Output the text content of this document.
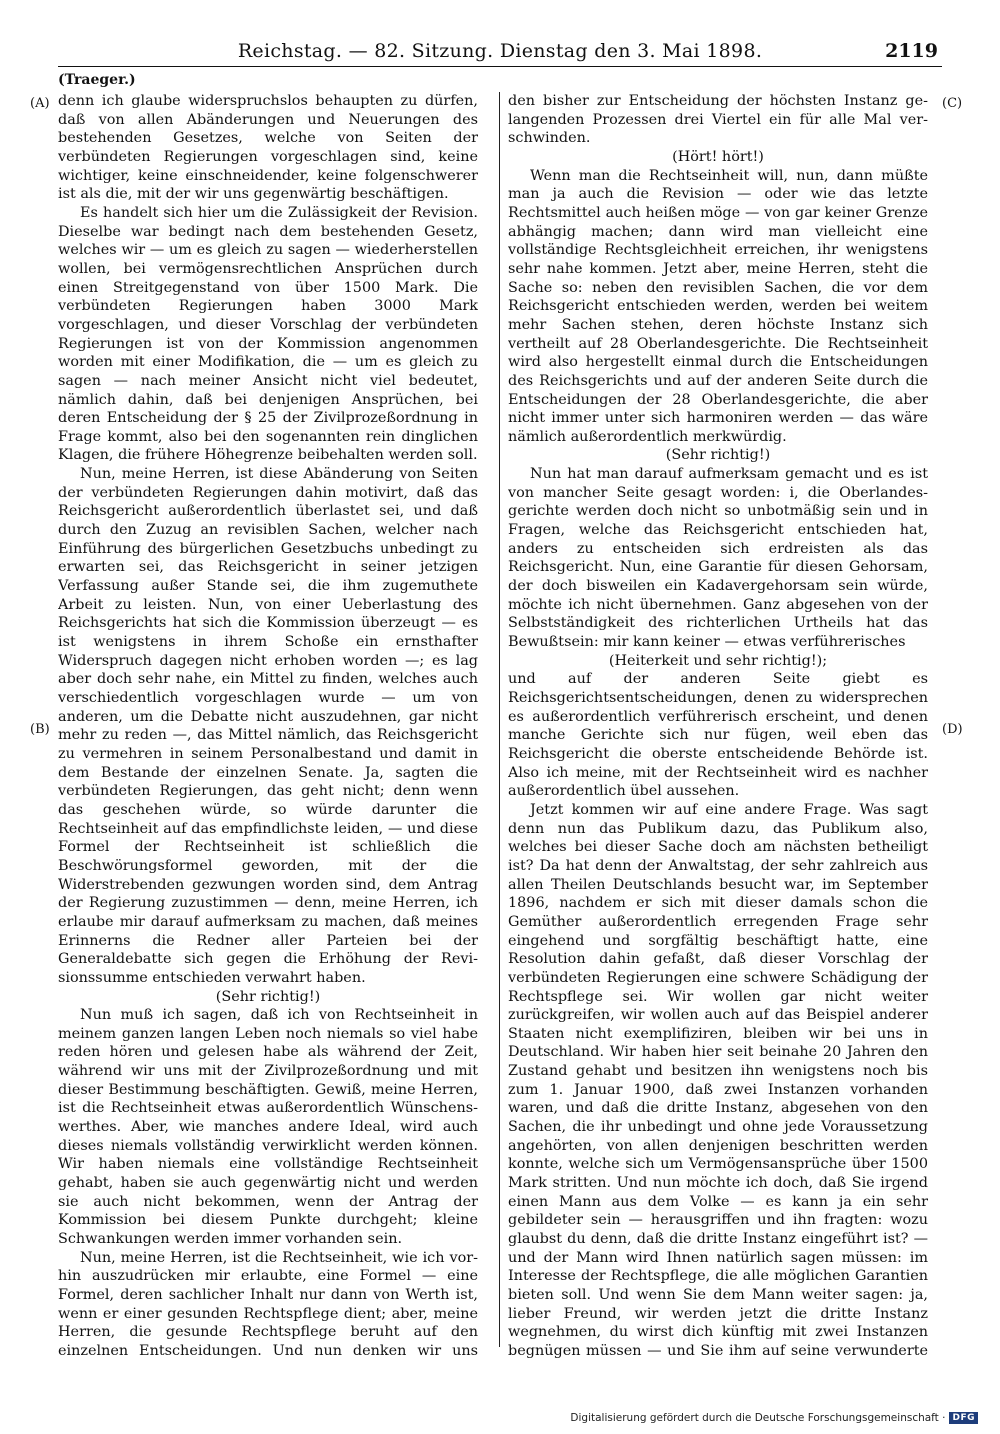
Reichstag. — 82. Sitzung. Dienstag den 3. Mai 1898.	2119
(Traeger.)
(A)
(B)
(C)
(D)

denn ich glaube widerspruchslos behaupten zu dürfen, daß von allen Abänderungen und Neuerungen des bestehenden Gesetzes, welche von Seiten der verbündeten Regierungen vorgeschlagen sind, keine wichtiger, keine einschneidender, keine folgenschwerer ist als die, mit der wir uns gegenwärtig beschäftigen.

Es handelt sich hier um die Zulässigkeit der Revision. Dieselbe war bedingt nach dem bestehenden Gesetz, welches wir — um es gleich zu sagen — wiederherstellen wollen, bei vermögensrechtlichen Ansprüchen durch einen Streitgegenstand von über 1500 Mark. Die verbündeten Regierungen haben 3000 Mark vorgeschlagen, und dieser Vorschlag der verbündeten Regierungen ist von der Kommission angenommen worden mit einer Modifikation, die — um es gleich zu sagen — nach meiner Ansicht nicht viel bedeutet, nämlich dahin, daß bei denjenigen Ansprüchen, bei deren Entscheidung der § 25 der Zivilprozeßordnung in Frage kommt, also bei den sogenannten rein dinglichen Klagen, die frühere Höhegrenze beibehalten werden soll.

Nun, meine Herren, ist diese Abänderung von Seiten der verbündeten Regierungen dahin motivirt, daß das Reichsgericht außerordentlich überlastet sei, und daß durch den Zuzug an revisiblen Sachen, welcher nach Einführung des bürgerlichen Gesetzbuchs unbedingt zu erwarten sei, das Reichsgericht in seiner jetzigen Verfassung außer Stande sei, die ihm zugemuthete Arbeit zu leisten. Nun, von einer Ueberlastung des Reichsgerichts hat sich die Kommission überzeugt — es ist wenigstens in ihrem Schoße ein ernsthafter Widerspruch dagegen nicht erhoben worden —; es lag aber doch sehr nahe, ein Mittel zu finden, welches auch verschiedentlich vorgeschlagen wurde — um von anderen, um die Debatte nicht auszudehnen, gar nicht mehr zu reden —, das Mittel nämlich, das Reichsgericht zu vermehren in seinem Personalbestand und damit in dem Bestande der einzelnen Senate. Ja, sagten die verbündeten Regierungen, das geht nicht; denn wenn das geschehen würde, so würde darunter die Rechtseinheit auf das empfindlichste leiden, — und diese Formel der Rechtseinheit ist schließlich die Beschwörungsformel geworden, mit der die Widerstrebenden gezwungen worden sind, dem Antrag der Regierung zuzustimmen — denn, meine Herren, ich erlaube mir darauf aufmerksam zu machen, daß meines Erinnerns die Redner aller Parteien bei der Generaldebatte sich gegen die Erhöhung der Revisionssumme entschieden verwahrt haben.

(Sehr richtig!)

Nun muß ich sagen, daß ich von Rechtseinheit in meinem ganzen langen Leben noch niemals so viel habe reden hören und gelesen habe als während der Zeit, während wir uns mit der Zivilprozeßordnung und mit dieser Bestimmung beschäftigten. Gewiß, meine Herren, ist die Rechtseinheit etwas außerordentlich Wünschenswerthes. Aber, wie manches andere Ideal, wird auch dieses niemals vollständig verwirklicht werden können. Wir haben niemals eine vollständige Rechtseinheit gehabt, haben sie auch gegenwärtig nicht und werden sie auch nicht bekommen, wenn der Antrag der Kommission bei diesem Punkte durchgeht; kleine Schwankungen werden immer vorhanden sein.

Nun, meine Herren, ist die Rechtseinheit, wie ich vorhin auszudrücken mir erlaubte, eine Formel — eine Formel, deren sachlicher Inhalt nur dann von Werth ist, wenn er einer gesunden Rechtspflege dient; aber, meine Herren, die gesunde Rechtspflege beruht auf den einzelnen Entscheidungen. Und nun denken wir uns

den bisher zur Entscheidung der höchsten Instanz gelangenden Prozessen drei Viertel ein für alle Mal verschwinden.

(Hört! hört!)

Wenn man die Rechtseinheit will, nun, dann müßte man ja auch die Revision — oder wie das letzte Rechtsmittel auch heißen möge — von gar keiner Grenze abhängig machen; dann wird man vielleicht eine vollständige Rechtsgleichheit erreichen, ihr wenigstens sehr nahe kommen. Jetzt aber, meine Herren, steht die Sache so: neben den revisiblen Sachen, die vor dem Reichsgericht entschieden werden, werden bei weitem mehr Sachen stehen, deren höchste Instanz sich vertheilt auf 28 Oberlandesgerichte. Die Rechtseinheit wird also hergestellt einmal durch die Entscheidungen des Reichsgerichts und auf der anderen Seite durch die Entscheidungen der 28 Oberlandesgerichte, die aber nicht immer unter sich harmoniren werden — das wäre nämlich außerordentlich merkwürdig.

(Sehr richtig!)

Nun hat man darauf aufmerksam gemacht und es ist von mancher Seite gesagt worden: i, die Oberlandesgerichte werden doch nicht so unbotmäßig sein und in Fragen, welche das Reichsgericht entschieden hat, anders zu entscheiden sich erdreisten als das Reichsgericht. Nun, eine Garantie für diesen Gehorsam, der doch bisweilen ein Kadavergehorsam sein würde, möchte ich nicht übernehmen. Ganz abgesehen von der Selbstständigkeit des richterlichen Urtheils hat das Bewußtsein: mir kann keiner — etwas verführerisches

(Heiterkeit und sehr richtig!);

und auf der anderen Seite giebt es Reichsgerichtsentscheidungen, denen zu widersprechen es außerordentlich verführerisch erscheint, und denen manche Gerichte sich nur fügen, weil eben das Reichsgericht die oberste entscheidende Behörde ist. Also ich meine, mit der Rechtseinheit wird es nachher außerordentlich übel aussehen.

Jetzt kommen wir auf eine andere Frage. Was sagt denn nun das Publikum dazu, das Publikum also, welches bei dieser Sache doch am nächsten betheiligt ist? Da hat denn der Anwaltstag, der sehr zahlreich aus allen Theilen Deutschlands besucht war, im September 1896, nachdem er sich mit dieser damals schon die Gemüther außerordentlich erregenden Frage sehr eingehend und sorgfältig beschäftigt hatte, eine Resolution dahin gefaßt, daß dieser Vorschlag der verbündeten Regierungen eine schwere Schädigung der Rechtspflege sei. Wir wollen gar nicht weiter zurückgreifen, wir wollen auch auf das Beispiel anderer Staaten nicht exemplifiziren, bleiben wir bei uns in Deutschland. Wir haben hier seit beinahe 20 Jahren den Zustand gehabt und besitzen ihn wenigstens noch bis zum 1. Januar 1900, daß zwei Instanzen vorhanden waren, und daß die dritte Instanz, abgesehen von den Sachen, die ihr unbedingt und ohne jede Voraussetzung angehörten, von allen denjenigen beschritten werden konnte, welche sich um Vermögensansprüche über 1500 Mark stritten. Und nun möchte ich doch, daß Sie irgend einen Mann aus dem Volke — es kann ja ein sehr gebildeter sein — herausgriffen und ihn fragten: wozu glaubst du denn, daß die dritte Instanz eingeführt ist? — und der Mann wird Ihnen natürlich sagen müssen: im Interesse der Rechtspflege, die alle möglichen Garantien bieten soll. Und wenn Sie dem Mann weiter sagen: ja, lieber Freund, wir werden jetzt die dritte Instanz wegnehmen, du wirst dich künftig mit zwei Instanzen begnügen müssen — und Sie ihm auf seine verwunderte

Digitalisierung gefördert durch die Deutsche Forschungsgemeinschaft · DFG
